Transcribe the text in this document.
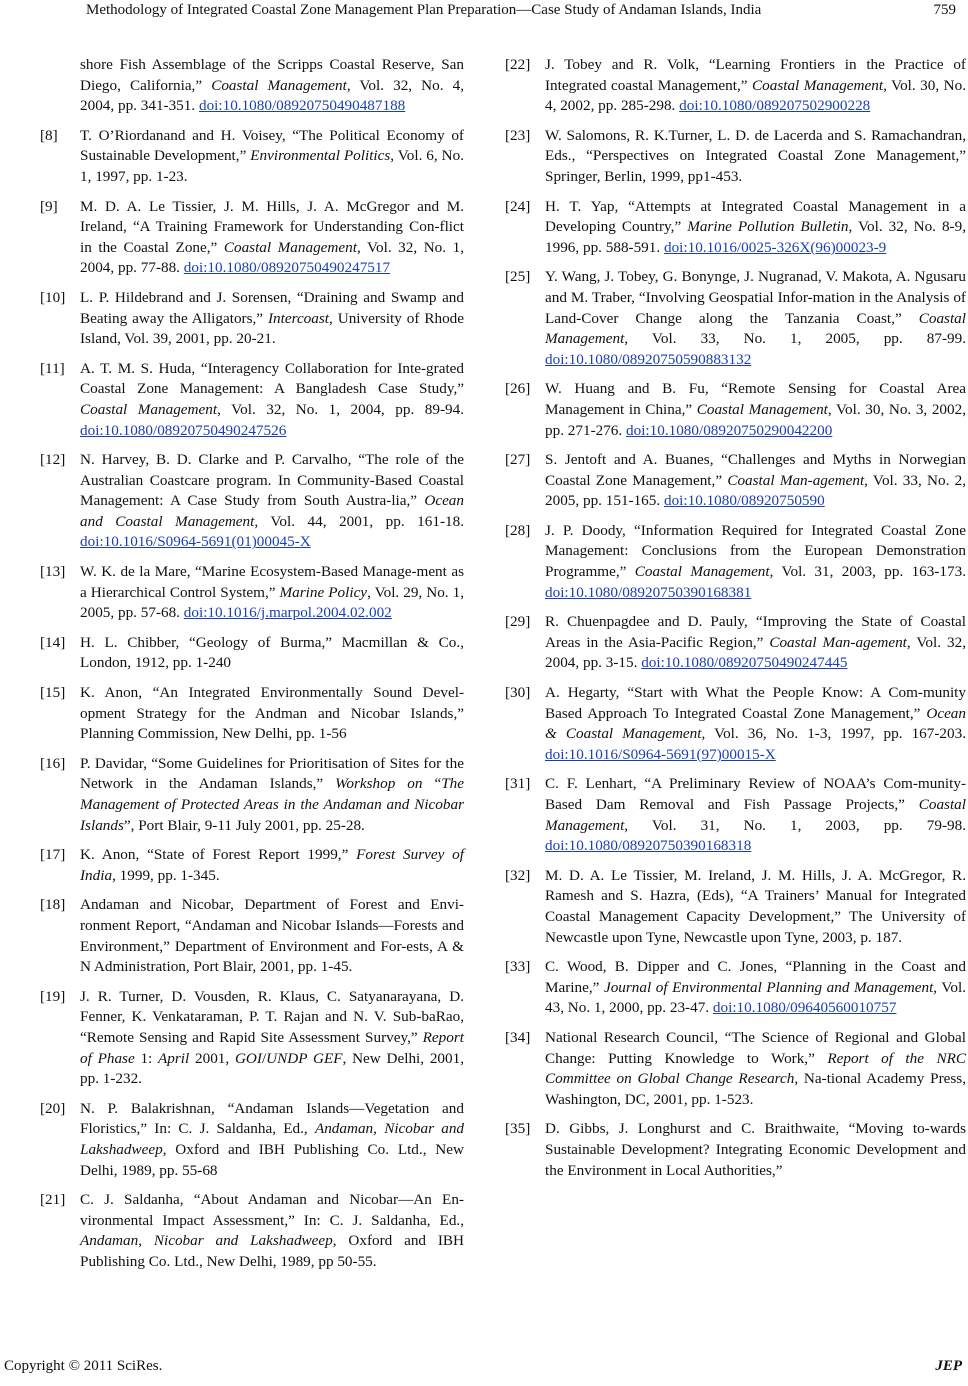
Methodology of Integrated Coastal Zone Management Plan Preparation—Case Study of Andaman Islands, India	759
shore Fish Assemblage of the Scripps Coastal Reserve, San Diego, California,” Coastal Management, Vol. 32, No. 4, 2004, pp. 341-351. doi:10.1080/08920750490487188
[8] T. O’Riordanand and H. Voisey, “The Political Economy of Sustainable Development,” Environmental Politics, Vol. 6, No. 1, 1997, pp. 1-23.
[9] M. D. A. Le Tissier, J. M. Hills, J. A. McGregor and M. Ireland, “A Training Framework for Understanding Con-flict in the Coastal Zone,” Coastal Management, Vol. 32, No. 1, 2004, pp. 77-88. doi:10.1080/08920750490247517
[10] L. P. Hildebrand and J. Sorensen, “Draining and Swamp and Beating away the Alligators,” Intercoast, University of Rhode Island, Vol. 39, 2001, pp. 20-21.
[11] A. T. M. S. Huda, “Interagency Collaboration for Inte-grated Coastal Zone Management: A Bangladesh Case Study,” Coastal Management, Vol. 32, No. 1, 2004, pp. 89-94. doi:10.1080/08920750490247526
[12] N. Harvey, B. D. Clarke and P. Carvalho, “The role of the Australian Coastcare program. In Community-Based Coastal Management: A Case Study from South Austra-lia,” Ocean and Coastal Management, Vol. 44, 2001, pp. 161-18. doi:10.1016/S0964-5691(01)00045-X
[13] W. K. de la Mare, “Marine Ecosystem-Based Manage-ment as a Hierarchical Control System,” Marine Policy, Vol. 29, No. 1, 2005, pp. 57-68. doi:10.1016/j.marpol.2004.02.002
[14] H. L. Chibber, “Geology of Burma,” Macmillan & Co., London, 1912, pp. 1-240
[15] K. Anon, “An Integrated Environmentally Sound Devel-opment Strategy for the Andman and Nicobar Islands,” Planning Commission, New Delhi, pp. 1-56
[16] P. Davidar, “Some Guidelines for Prioritisation of Sites for the Network in the Andaman Islands,” Workshop on “The Management of Protected Areas in the Andaman and Nicobar Islands”, Port Blair, 9-11 July 2001, pp. 25-28.
[17] K. Anon, “State of Forest Report 1999,” Forest Survey of India, 1999, pp. 1-345.
[18] Andaman and Nicobar, Department of Forest and Envi-ronment Report, “Andaman and Nicobar Islands—Forests and Environment,” Department of Environment and For-ests, A & N Administration, Port Blair, 2001, pp. 1-45.
[19] J. R. Turner, D. Vousden, R. Klaus, C. Satyanarayana, D. Fenner, K. Venkataraman, P. T. Rajan and N. V. Sub-baRao, “Remote Sensing and Rapid Site Assessment Survey,” Report of Phase 1: April 2001, GOI/UNDP GEF, New Delhi, 2001, pp. 1-232.
[20] N. P. Balakrishnan, “Andaman Islands—Vegetation and Floristics,” In: C. J. Saldanha, Ed., Andaman, Nicobar and Lakshadweep, Oxford and IBH Publishing Co. Ltd., New Delhi, 1989, pp. 55-68
[21] C. J. Saldanha, “About Andaman and Nicobar—An En-vironmental Impact Assessment,” In: C. J. Saldanha, Ed., Andaman, Nicobar and Lakshadweep, Oxford and IBH Publishing Co. Ltd., New Delhi, 1989, pp 50-55.
[22] J. Tobey and R. Volk, “Learning Frontiers in the Practice of Integrated coastal Management,” Coastal Management, Vol. 30, No. 4, 2002, pp. 285-298. doi:10.1080/089207502900228
[23] W. Salomons, R. K.Turner, L. D. de Lacerda and S. Ramachandran, Eds., “Perspectives on Integrated Coastal Zone Management,” Springer, Berlin, 1999, pp1-453.
[24] H. T. Yap, “Attempts at Integrated Coastal Management in a Developing Country,” Marine Pollution Bulletin, Vol. 32, No. 8-9, 1996, pp. 588-591. doi:10.1016/0025-326X(96)00023-9
[25] Y. Wang, J. Tobey, G. Bonynge, J. Nugranad, V. Makota, A. Ngusaru and M. Traber, “Involving Geospatial Infor-mation in the Analysis of Land-Cover Change along the Tanzania Coast,” Coastal Management, Vol. 33, No. 1, 2005, pp. 87-99. doi:10.1080/08920750590883132
[26] W. Huang and B. Fu, “Remote Sensing for Coastal Area Management in China,” Coastal Management, Vol. 30, No. 3, 2002, pp. 271-276. doi:10.1080/08920750290042200
[27] S. Jentoft and A. Buanes, “Challenges and Myths in Norwegian Coastal Zone Management,” Coastal Man-agement, Vol. 33, No. 2, 2005, pp. 151-165. doi:10.1080/08920750590
[28] J. P. Doody, “Information Required for Integrated Coastal Zone Management: Conclusions from the European Demonstration Programme,” Coastal Management, Vol. 31, 2003, pp. 163-173. doi:10.1080/08920750390168381
[29] R. Chuenpagdee and D. Pauly, “Improving the State of Coastal Areas in the Asia-Pacific Region,” Coastal Man-agement, Vol. 32, 2004, pp. 3-15. doi:10.1080/08920750490247445
[30] A. Hegarty, “Start with What the People Know: A Com-munity Based Approach To Integrated Coastal Zone Management,” Ocean & Coastal Management, Vol. 36, No. 1-3, 1997, pp. 167-203. doi:10.1016/S0964-5691(97)00015-X
[31] C. F. Lenhart, “A Preliminary Review of NOAA’s Com-munity-Based Dam Removal and Fish Passage Projects,” Coastal Management, Vol. 31, No. 1, 2003, pp. 79-98. doi:10.1080/08920750390168318
[32] M. D. A. Le Tissier, M. Ireland, J. M. Hills, J. A. McGregor, R. Ramesh and S. Hazra, (Eds), “A Trainers’ Manual for Integrated Coastal Management Capacity Development,” The University of Newcastle upon Tyne, Newcastle upon Tyne, 2003, p. 187.
[33] C. Wood, B. Dipper and C. Jones, “Planning in the Coast and Marine,” Journal of Environmental Planning and Management, Vol. 43, No. 1, 2000, pp. 23-47. doi:10.1080/09640560010757
[34] National Research Council, “The Science of Regional and Global Change: Putting Knowledge to Work,” Report of the NRC Committee on Global Change Research, Na-tional Academy Press, Washington, DC, 2001, pp. 1-523.
[35] D. Gibbs, J. Longhurst and C. Braithwaite, “Moving to-wards Sustainable Development? Integrating Economic Development and the Environment in Local Authorities,”
Copyright © 2011 SciRes.	JEP
